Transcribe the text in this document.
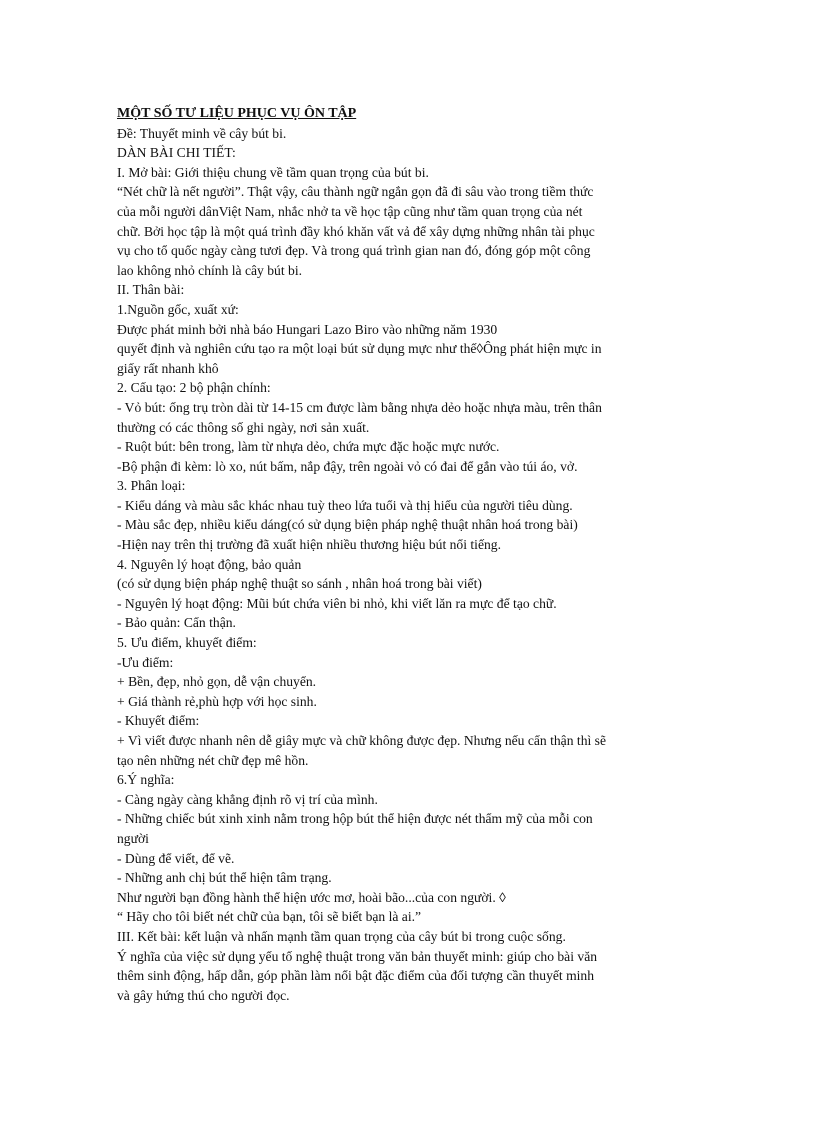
MỘT SỐ TƯ LIỆU PHỤC VỤ ÔN TẬP
Đề: Thuyết minh về cây bút bi.
DÀN BÀI CHI TIẾT:
I. Mở bài: Giới thiệu chung về tầm quan trọng của bút bi.
“Nét chữ là nết người”. Thật vậy, câu thành ngữ ngắn gọn đã đi sâu vào trong tiềm thức
của mỗi người dânViệt Nam, nhắc nhở ta về học tập cũng như tầm quan trọng của nét
chữ. Bởi học tập là một quá trình đầy khó khăn vất vả để xây dựng những nhân tài phục
vụ cho tổ quốc ngày càng tươi đẹp. Và trong quá trình gian nan đó, đóng góp một công
lao không nhỏ chính là cây bút bi.
II. Thân bài:
1.Nguồn gốc, xuất xứ:
Được phát minh bởi nhà báo Hungari Lazo Biro vào những năm 1930
quyết định và nghiên cứu tạo ra một loại bút sử dụng mực như thế◊Ông phát hiện mực in
giấy rất nhanh khô
2. Cấu tạo: 2 bộ phận chính:
- Vỏ bút: ống trụ tròn dài từ 14-15 cm được làm bằng nhựa dẻo hoặc nhựa màu, trên thân
thường có các thông số ghi ngày, nơi sản xuất.
- Ruột bút: bên trong, làm từ nhựa dẻo, chứa mực đặc hoặc mực nước.
-Bộ phận đi kèm: lò xo, nút bấm, nắp đậy, trên ngoài vỏ có đai để gắn vào túi áo, vở.
3. Phân loại:
- Kiểu dáng và màu sắc khác nhau tuỳ theo lứa tuổi và thị hiếu của người tiêu dùng.
- Màu sắc đẹp, nhiều kiểu dáng(có sử dụng biện pháp nghệ thuật nhân hoá trong bài)
-Hiện nay trên thị trường đã xuất hiện nhiều thương hiệu bút nổi tiếng.
4. Nguyên lý hoạt động, bảo quản
(có sử dụng biện pháp nghệ thuật so sánh , nhân hoá trong bài viết)
- Nguyên lý hoạt động: Mũi bút chứa viên bi nhỏ, khi viết lăn ra mực để tạo chữ.
- Bảo quản: Cẩn thận.
5. Ưu điểm, khuyết điểm:
-Ưu điểm:
+ Bền, đẹp, nhỏ gọn, dễ vận chuyển.
+ Giá thành rẻ,phù hợp với học sinh.
- Khuyết điểm:
+ Vì viết được nhanh nên dễ giây mực và chữ không được đẹp. Nhưng nếu cẩn thận thì sẽ
tạo nên những nét chữ đẹp mê hồn.
6.Ý nghĩa:
- Càng ngày càng khẳng định rõ vị trí của mình.
- Những chiếc bút xinh xinh nằm trong hộp bút thể hiện được nét thẩm mỹ của mỗi con
người
- Dùng để viết, để vẽ.
- Những anh chị bút thể hiện tâm trạng.
Như người bạn đồng hành thể hiện ước mơ, hoài bão...của con người. ◊
“ Hãy cho tôi biết nét chữ của bạn, tôi sẽ biết bạn là ai.”
III. Kết bài: kết luận và nhấn mạnh tầm quan trọng của cây bút bi trong cuộc sống.
Ý nghĩa của việc sử dụng yếu tố nghệ thuật trong văn bản thuyết minh: giúp cho bài văn
thêm sinh động, hấp dẫn, góp phần làm nổi bật đặc điểm của đối tượng cần thuyết minh
và gây hứng thú cho người đọc.
